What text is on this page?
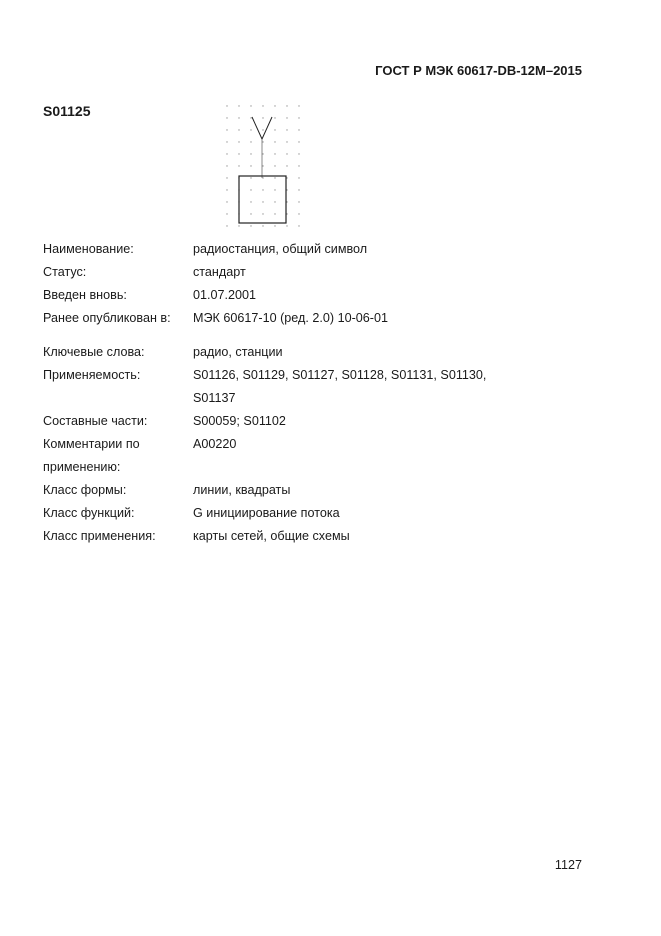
ГОСТ Р МЭК 60617-DB-12M–2015
S01125
Наименование:	радиостанция, общий символ
Статус:	стандарт
Введен вновь:	01.07.2001
Ранее опубликован в:	МЭК 60617-10 (ред. 2.0) 10-06-01
Ключевые слова:	радио, станции
Применяемость:	S01126, S01129, S01127, S01128, S01131, S01130,
S01137
Составные части:	S00059; S01102
Комментарии по	A00220
применению:
Класс формы:	линии, квадраты
Класс функций:	G инициирование потока
Класс применения:	карты сетей, общие схемы
1127
